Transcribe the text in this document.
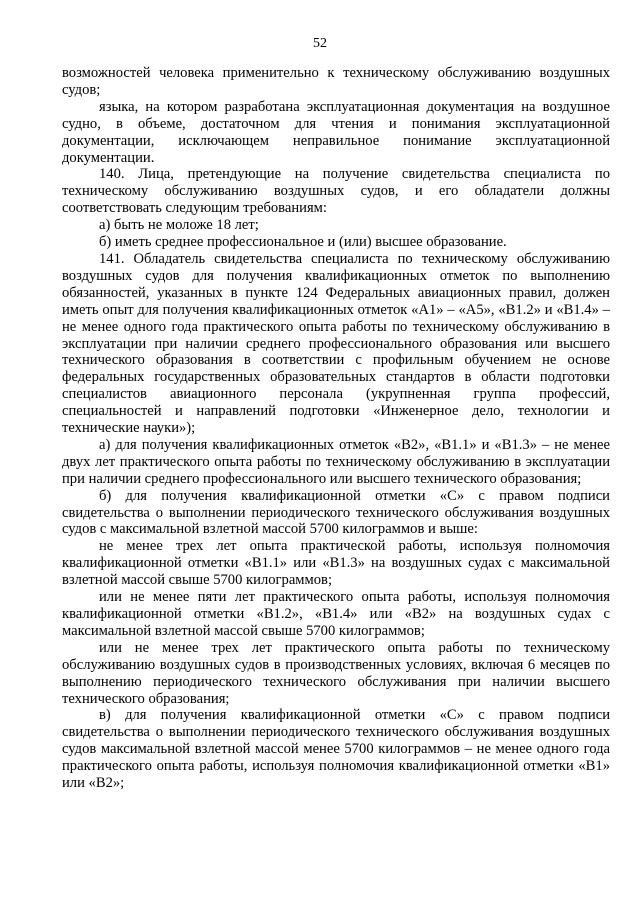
52

возможностей человека применительно к техническому обслуживанию воздушных судов;

языка, на котором разработана эксплуатационная документация на воздушное судно, в объеме, достаточном для чтения и понимания эксплуатационной документации, исключающем неправильное понимание эксплуатационной документации.

140. Лица, претендующие на получение свидетельства специалиста по техническому обслуживанию воздушных судов, и его обладатели должны соответствовать следующим требованиям:

а) быть не моложе 18 лет;

б) иметь среднее профессиональное и (или) высшее образование.

141. Обладатель свидетельства специалиста по техническому обслуживанию воздушных судов для получения квалификационных отметок по выполнению обязанностей, указанных в пункте 124 Федеральных авиационных правил, должен иметь опыт для получения квалификационных отметок «А1» – «А5», «В1.2» и «В1.4» – не менее одного года практического опыта работы по техническому обслуживанию в эксплуатации при наличии среднего профессионального образования или высшего технического образования в соответствии с профильным обучением не основе федеральных государственных образовательных стандартов в области подготовки специалистов авиационного персонала (укрупненная группа профессий, специальностей и направлений подготовки «Инженерное дело, технологии и технические науки»);

а) для получения квалификационных отметок «В2», «В1.1» и «В1.3» – не менее двух лет практического опыта работы по техническому обслуживанию в эксплуатации при наличии среднего профессионального или высшего технического образования;

б) для получения квалификационной отметки «С» с правом подписи свидетельства о выполнении периодического технического обслуживания воздушных судов с максимальной взлетной массой 5700 килограммов и выше:

не менее трех лет опыта практической работы, используя полномочия квалификационной отметки «В1.1» или «В1.3» на воздушных судах с максимальной взлетной массой свыше 5700 килограммов;

или не менее пяти лет практического опыта работы, используя полномочия квалификационной отметки «В1.2», «В1.4» или «В2» на воздушных судах с максимальной взлетной массой свыше 5700 килограммов;

или не менее трех лет практического опыта работы по техническому обслуживанию воздушных судов в производственных условиях, включая 6 месяцев по выполнению периодического технического обслуживания при наличии высшего технического образования;

в) для получения квалификационной отметки «С» с правом подписи свидетельства о выполнении периодического технического обслуживания воздушных судов максимальной взлетной массой менее 5700 килограммов – не менее одного года практического опыта работы, используя полномочия квалификационной отметки «В1» или «В2»;
